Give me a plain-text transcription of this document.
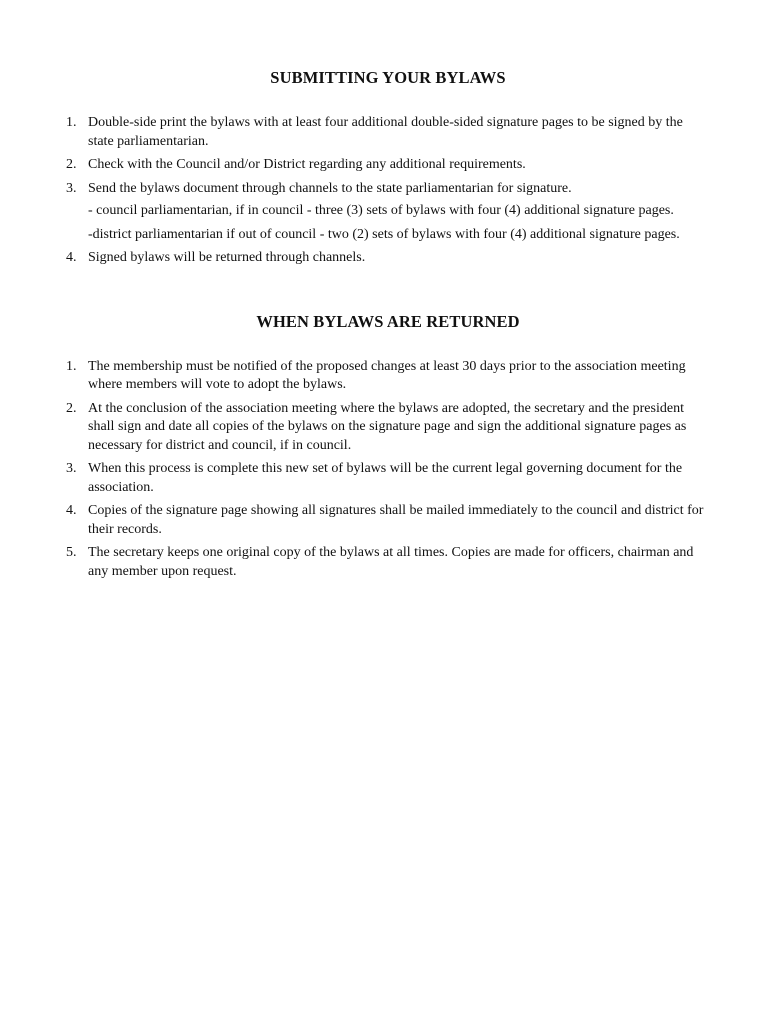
SUBMITTING YOUR BYLAWS
1. Double-side print the bylaws with at least four additional double-sided signature pages to be signed by the state parliamentarian.
2. Check with the Council and/or District regarding any additional requirements.
3. Send the bylaws document through channels to the state parliamentarian for signature.
- council parliamentarian, if in council - three (3) sets of bylaws with four (4) additional signature pages.
-district parliamentarian if out of council - two (2) sets of bylaws with four (4) additional signature pages.
4. Signed bylaws will be returned through channels.
WHEN BYLAWS ARE RETURNED
1. The membership must be notified of the proposed changes at least 30 days prior to the association meeting where members will vote to adopt the bylaws.
2. At the conclusion of the association meeting where the bylaws are adopted, the secretary and the president shall sign and date all copies of the bylaws on the signature page and sign the additional signature pages as necessary for district and council, if in council.
3. When this process is complete this new set of bylaws will be the current legal governing document for the association.
4. Copies of the signature page showing all signatures shall be mailed immediately to the council and district for their records.
5. The secretary keeps one original copy of the bylaws at all times. Copies are made for officers, chairman and any member upon request.
